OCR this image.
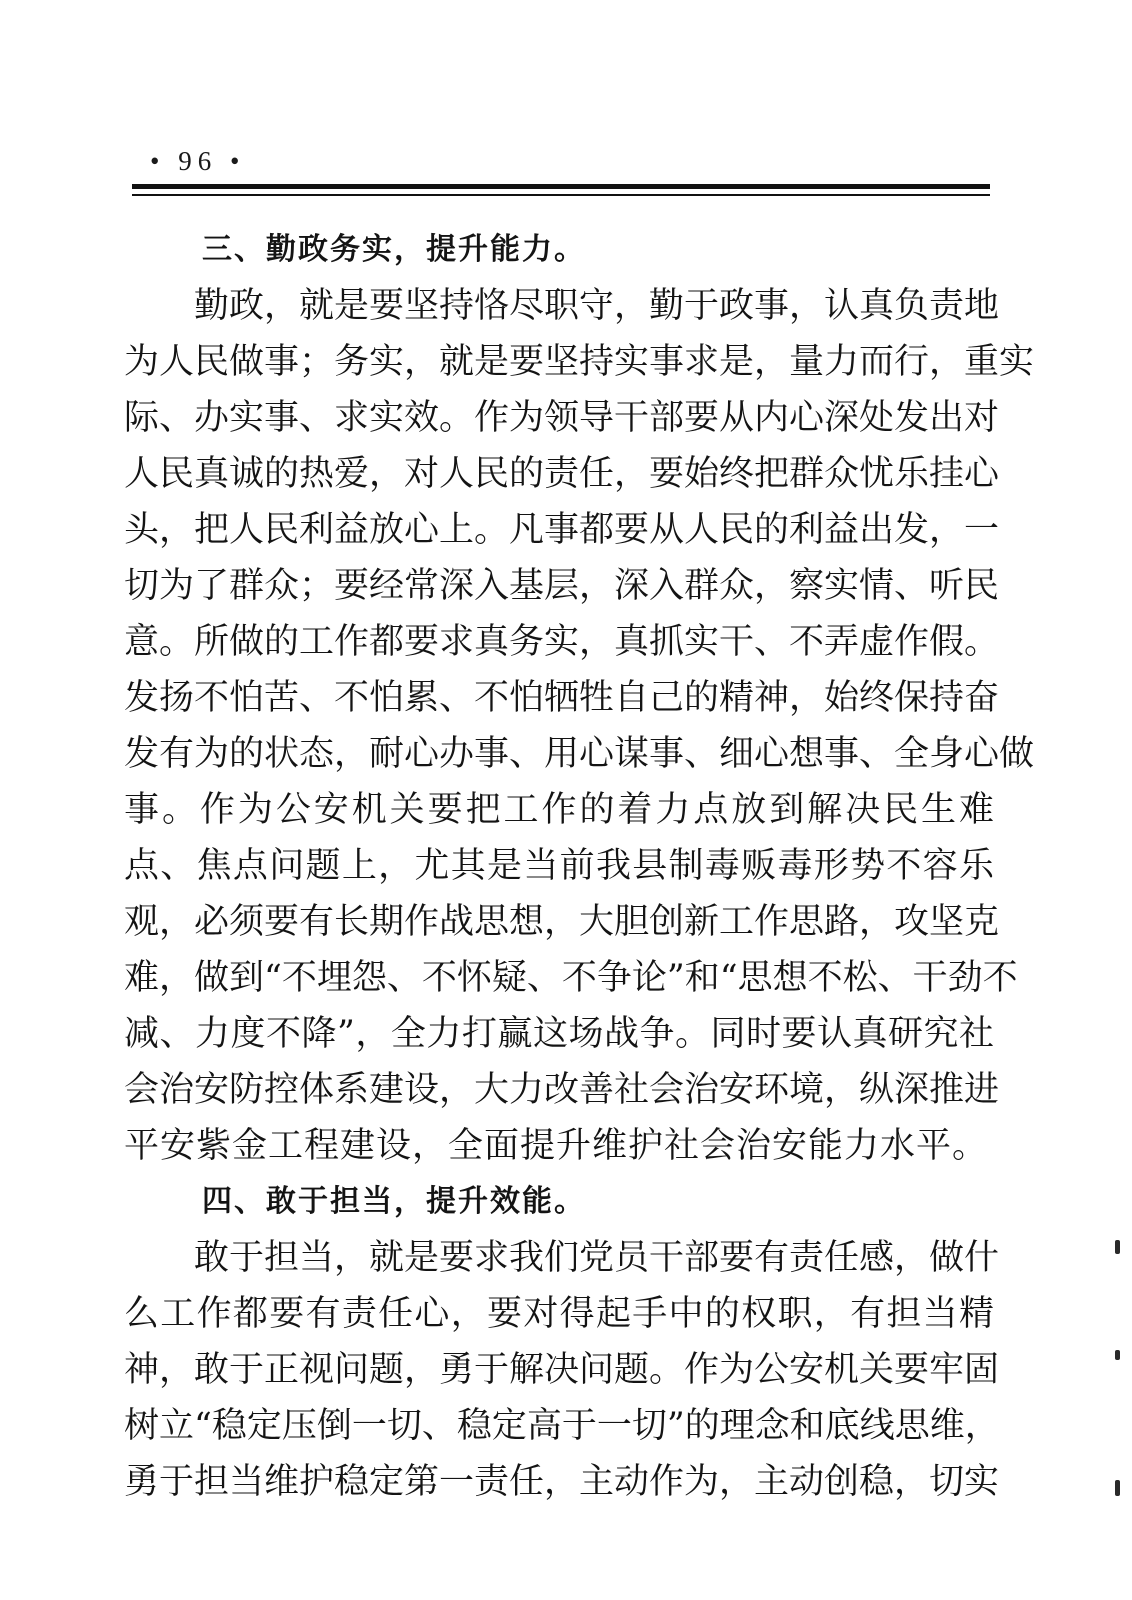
• 96 •
三、勤政务实，提升能力。
勤政，就是要坚持恪尽职守，勤于政事，认真负责地
为人民做事；务实，就是要坚持实事求是，量力而行，重实
际、办实事、求实效。作为领导干部要从内心深处发出对
人民真诚的热爱，对人民的责任，要始终把群众忧乐挂心
头，把人民利益放心上。凡事都要从人民的利益出发，一
切为了群众；要经常深入基层，深入群众，察实情、听民
意。所做的工作都要求真务实，真抓实干、不弄虚作假。
发扬不怕苦、不怕累、不怕牺牲自己的精神，始终保持奋
发有为的状态，耐心办事、用心谋事、细心想事、全身心做
事。作为公安机关要把工作的着力点放到解决民生难
点、焦点问题上，尤其是当前我县制毒贩毒形势不容乐
观，必须要有长期作战思想，大胆创新工作思路，攻坚克
难，做到“不埋怨、不怀疑、不争论”和“思想不松、干劲不
减、力度不降”，全力打赢这场战争。同时要认真研究社
会治安防控体系建设，大力改善社会治安环境，纵深推进
平安紫金工程建设，全面提升维护社会治安能力水平。
四、敢于担当，提升效能。
敢于担当，就是要求我们党员干部要有责任感，做什
么工作都要有责任心，要对得起手中的权职，有担当精
神，敢于正视问题，勇于解决问题。作为公安机关要牢固
树立“稳定压倒一切、稳定高于一切”的理念和底线思维，
勇于担当维护稳定第一责任，主动作为，主动创稳，切实
